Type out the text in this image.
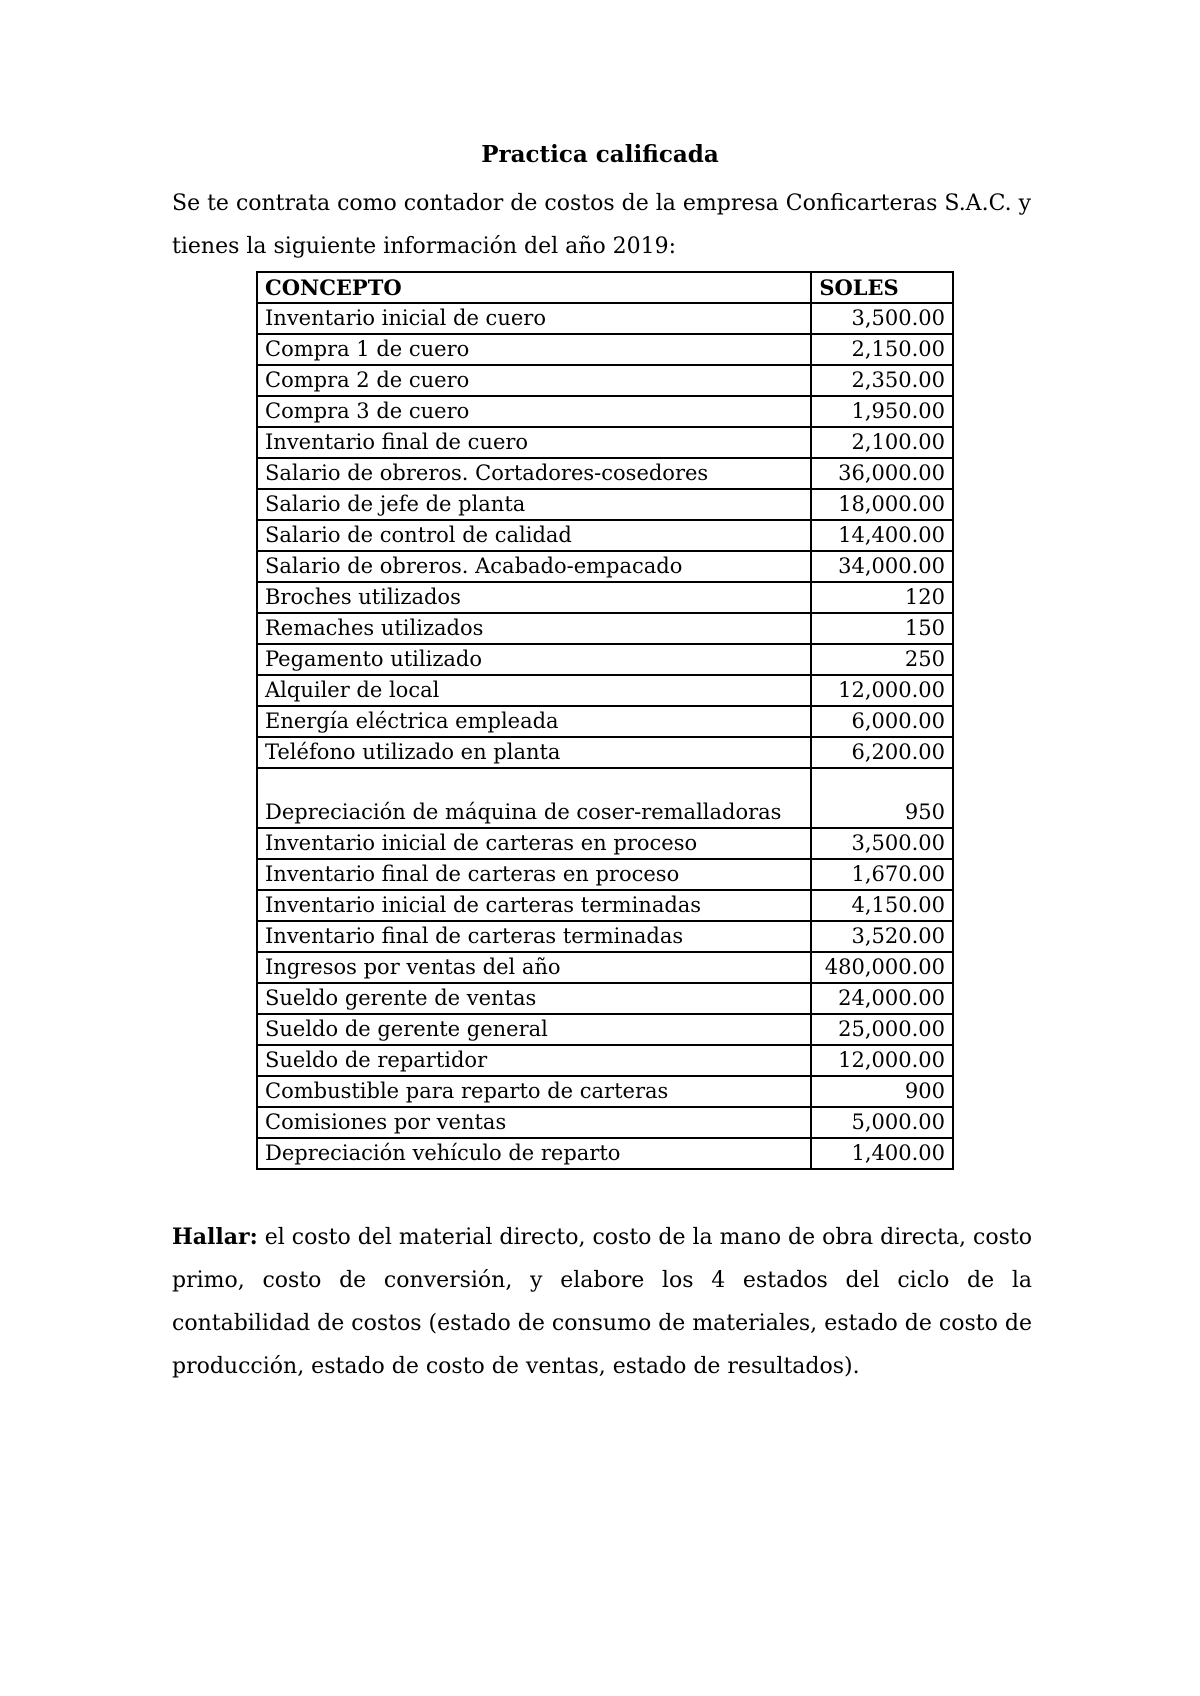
Practica calificada
Se te contrata como contador de costos de la empresa Conficarteras S.A.C. y
tienes la siguiente información del año 2019:
CONCEPTO	SOLES
Inventario inicial de cuero	3,500.00
Compra 1 de cuero	2,150.00
Compra 2 de cuero	2,350.00
Compra 3 de cuero	1,950.00
Inventario final de cuero	2,100.00
Salario de obreros. Cortadores-cosedores	36,000.00
Salario de jefe de planta	18,000.00
Salario de control de calidad	14,400.00
Salario de obreros. Acabado-empacado	34,000.00
Broches utilizados	120
Remaches utilizados	150
Pegamento utilizado	250
Alquiler de local	12,000.00
Energía eléctrica empleada	6,000.00
Teléfono utilizado en planta	6,200.00
Depreciación de máquina de coser-remalladoras	950
Inventario inicial de carteras en proceso	3,500.00
Inventario final de carteras en proceso	1,670.00
Inventario inicial de carteras terminadas	4,150.00
Inventario final de carteras terminadas	3,520.00
Ingresos por ventas del año	480,000.00
Sueldo gerente de ventas	24,000.00
Sueldo de gerente general	25,000.00
Sueldo de repartidor	12,000.00
Combustible para reparto de carteras	900
Comisiones por ventas	5,000.00
Depreciación vehículo de reparto	1,400.00
Hallar: el costo del material directo, costo de la mano de obra directa, costo primo, costo de conversión, y elabore los 4 estados del ciclo de la contabilidad de costos (estado de consumo de materiales, estado de costo de producción, estado de costo de ventas, estado de resultados).
